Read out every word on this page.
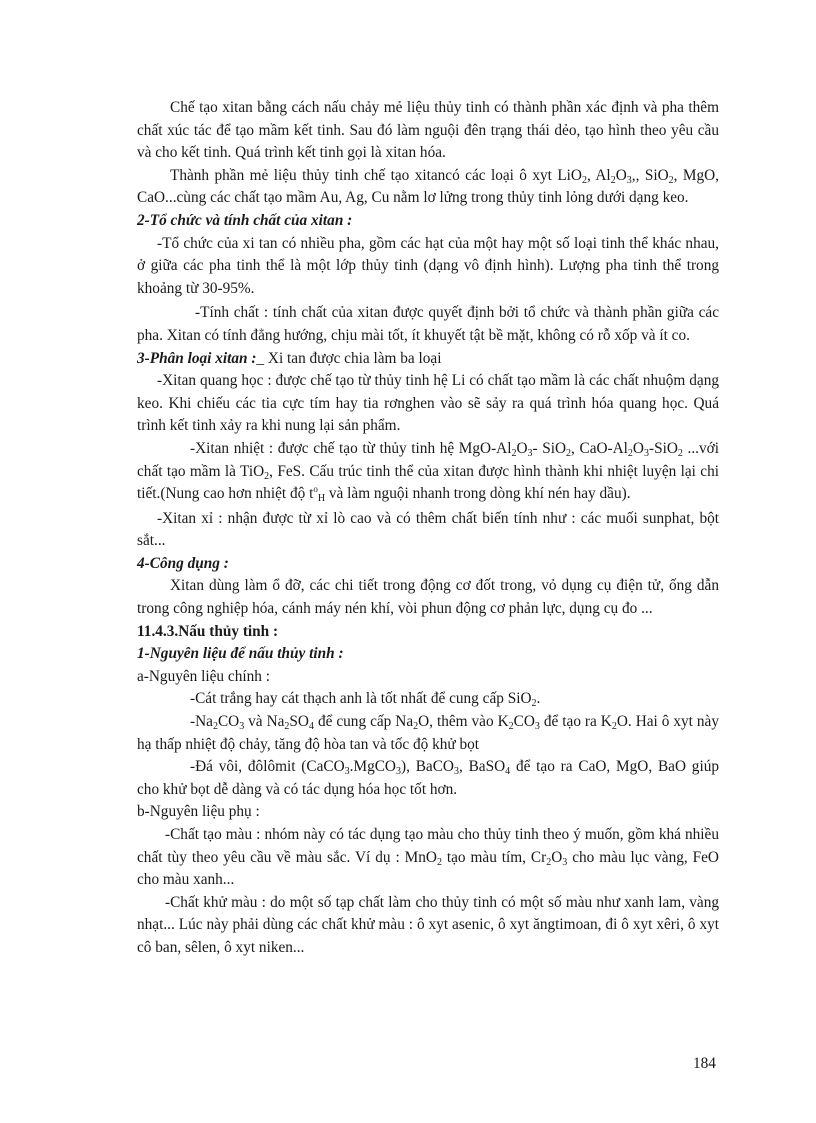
Chế tạo xitan bằng cách nấu chảy mẻ liệu thủy tinh có thành phần xác định và pha thêm chất xúc tác để tạo mầm kết tinh. Sau đó làm nguội đên trạng thái dẻo, tạo hình theo yêu cầu và cho kết tinh. Quá trình kết tinh gọi là xitan hóa.

Thành phần mẻ liệu thủy tinh chế tạo xitancó các loại ô xyt LiO$_2$, $Al_2O_3$,, SiO$_2$, MgO, CaO...cùng các chất tạo mầm Au, Ag, Cu nằm lơ lửng trong thủy tinh lỏng dưới dạng keo.

2-Tổ chức và tính chất của xitan :

-Tổ chức của xi tan có nhiều pha, gồm các hạt của một hay một số loại tinh thể khác nhau, ở giữa các pha tinh thể là một lớp thủy tinh (dạng vô định hình). Lượng pha tinh thể trong khoảng từ 30-95%.

-Tính chất : tính chất của xitan được quyết định bởi tổ chức và thành phần giữa các pha. Xitan có tính đẳng hướng, chịu mài tốt, ít khuyết tật bề mặt, không có rỗ xốp và ít co.

3-Phân loại xitan :_ Xi tan được chia làm ba loại

-Xitan quang học : được chế tạo từ thủy tinh hệ Li có chất tạo mầm là các chất nhuộm dạng keo. Khi chiếu các tia cực tím hay tia rơnghen vào sẽ sảy ra quá trình hóa quang học. Quá trình kết tinh xảy ra khi nung lại sản phẩm.

-Xitan nhiệt : được chế tạo từ thủy tinh hệ MgO-$Al_2O_3-$ SiO$_2$, CaO-$Al_2O_3-SiO_2$ ...với chất tạo mầm là TiO$_2$, FeS. Cấu trúc tinh thể của xitan được hình thành khi nhiệt luyện lại chi tiết.(Nung cao hơn nhiệt độ $t^o_H$ và làm nguội nhanh trong dòng khí nén hay dầu).

-Xitan xỉ : nhận được từ xỉ lò cao và có thêm chất biến tính như : các muối sunphat, bột sắt...

4-Công dụng :

Xitan dùng làm ổ đỡ, các chi tiết trong động cơ đốt trong, vỏ dụng cụ điện tử, ống dẫn trong công nghiệp hóa, cánh máy nén khí, vòi phun động cơ phản lực, dụng cụ đo ...

11.4.3.Nấu thủy tinh :

1-Nguyên liệu để nấu thủy tinh :

a-Nguyên liệu chính :

-Cát trắng hay cát thạch anh là tốt nhất để cung cấp SiO$_2$.

$-Na_2CO_3$ và $Na_2SO_4$ để cung cấp $Na_2O$, thêm vào $K_2CO_3$ để tạo ra $K_2O$. Hai ô xyt này hạ thấp nhiệt độ chảy, tăng độ hòa tan và tốc độ khử bọt

-Đá vôi, đôlômit (CaCO$_3$.MgCO$_3$), BaCO$_3$, BaSO$_4$ để tạo ra CaO, MgO, BaO giúp cho khử bọt dễ dàng và có tác dụng hóa học tốt hơn.

b-Nguyên liệu phụ :

-Chất tạo màu : nhóm này có tác dụng tạo màu cho thủy tinh theo ý muốn, gồm khá nhiều chất tùy theo yêu cầu về màu sắc. Ví dụ : MnO$_2$ tạo màu tím, $Cr_2O_3$ cho màu lục vàng, FeO cho màu xanh...

-Chất khử màu : do một số tạp chất làm cho thủy tinh có một số màu như xanh lam, vàng nhạt... Lúc này phải dùng các chất khử màu : ô xyt asenic, ô xyt ăngtimoan, đi ô xyt xêri, ô xyt cô ban, sêlen, ô xyt niken...

184
